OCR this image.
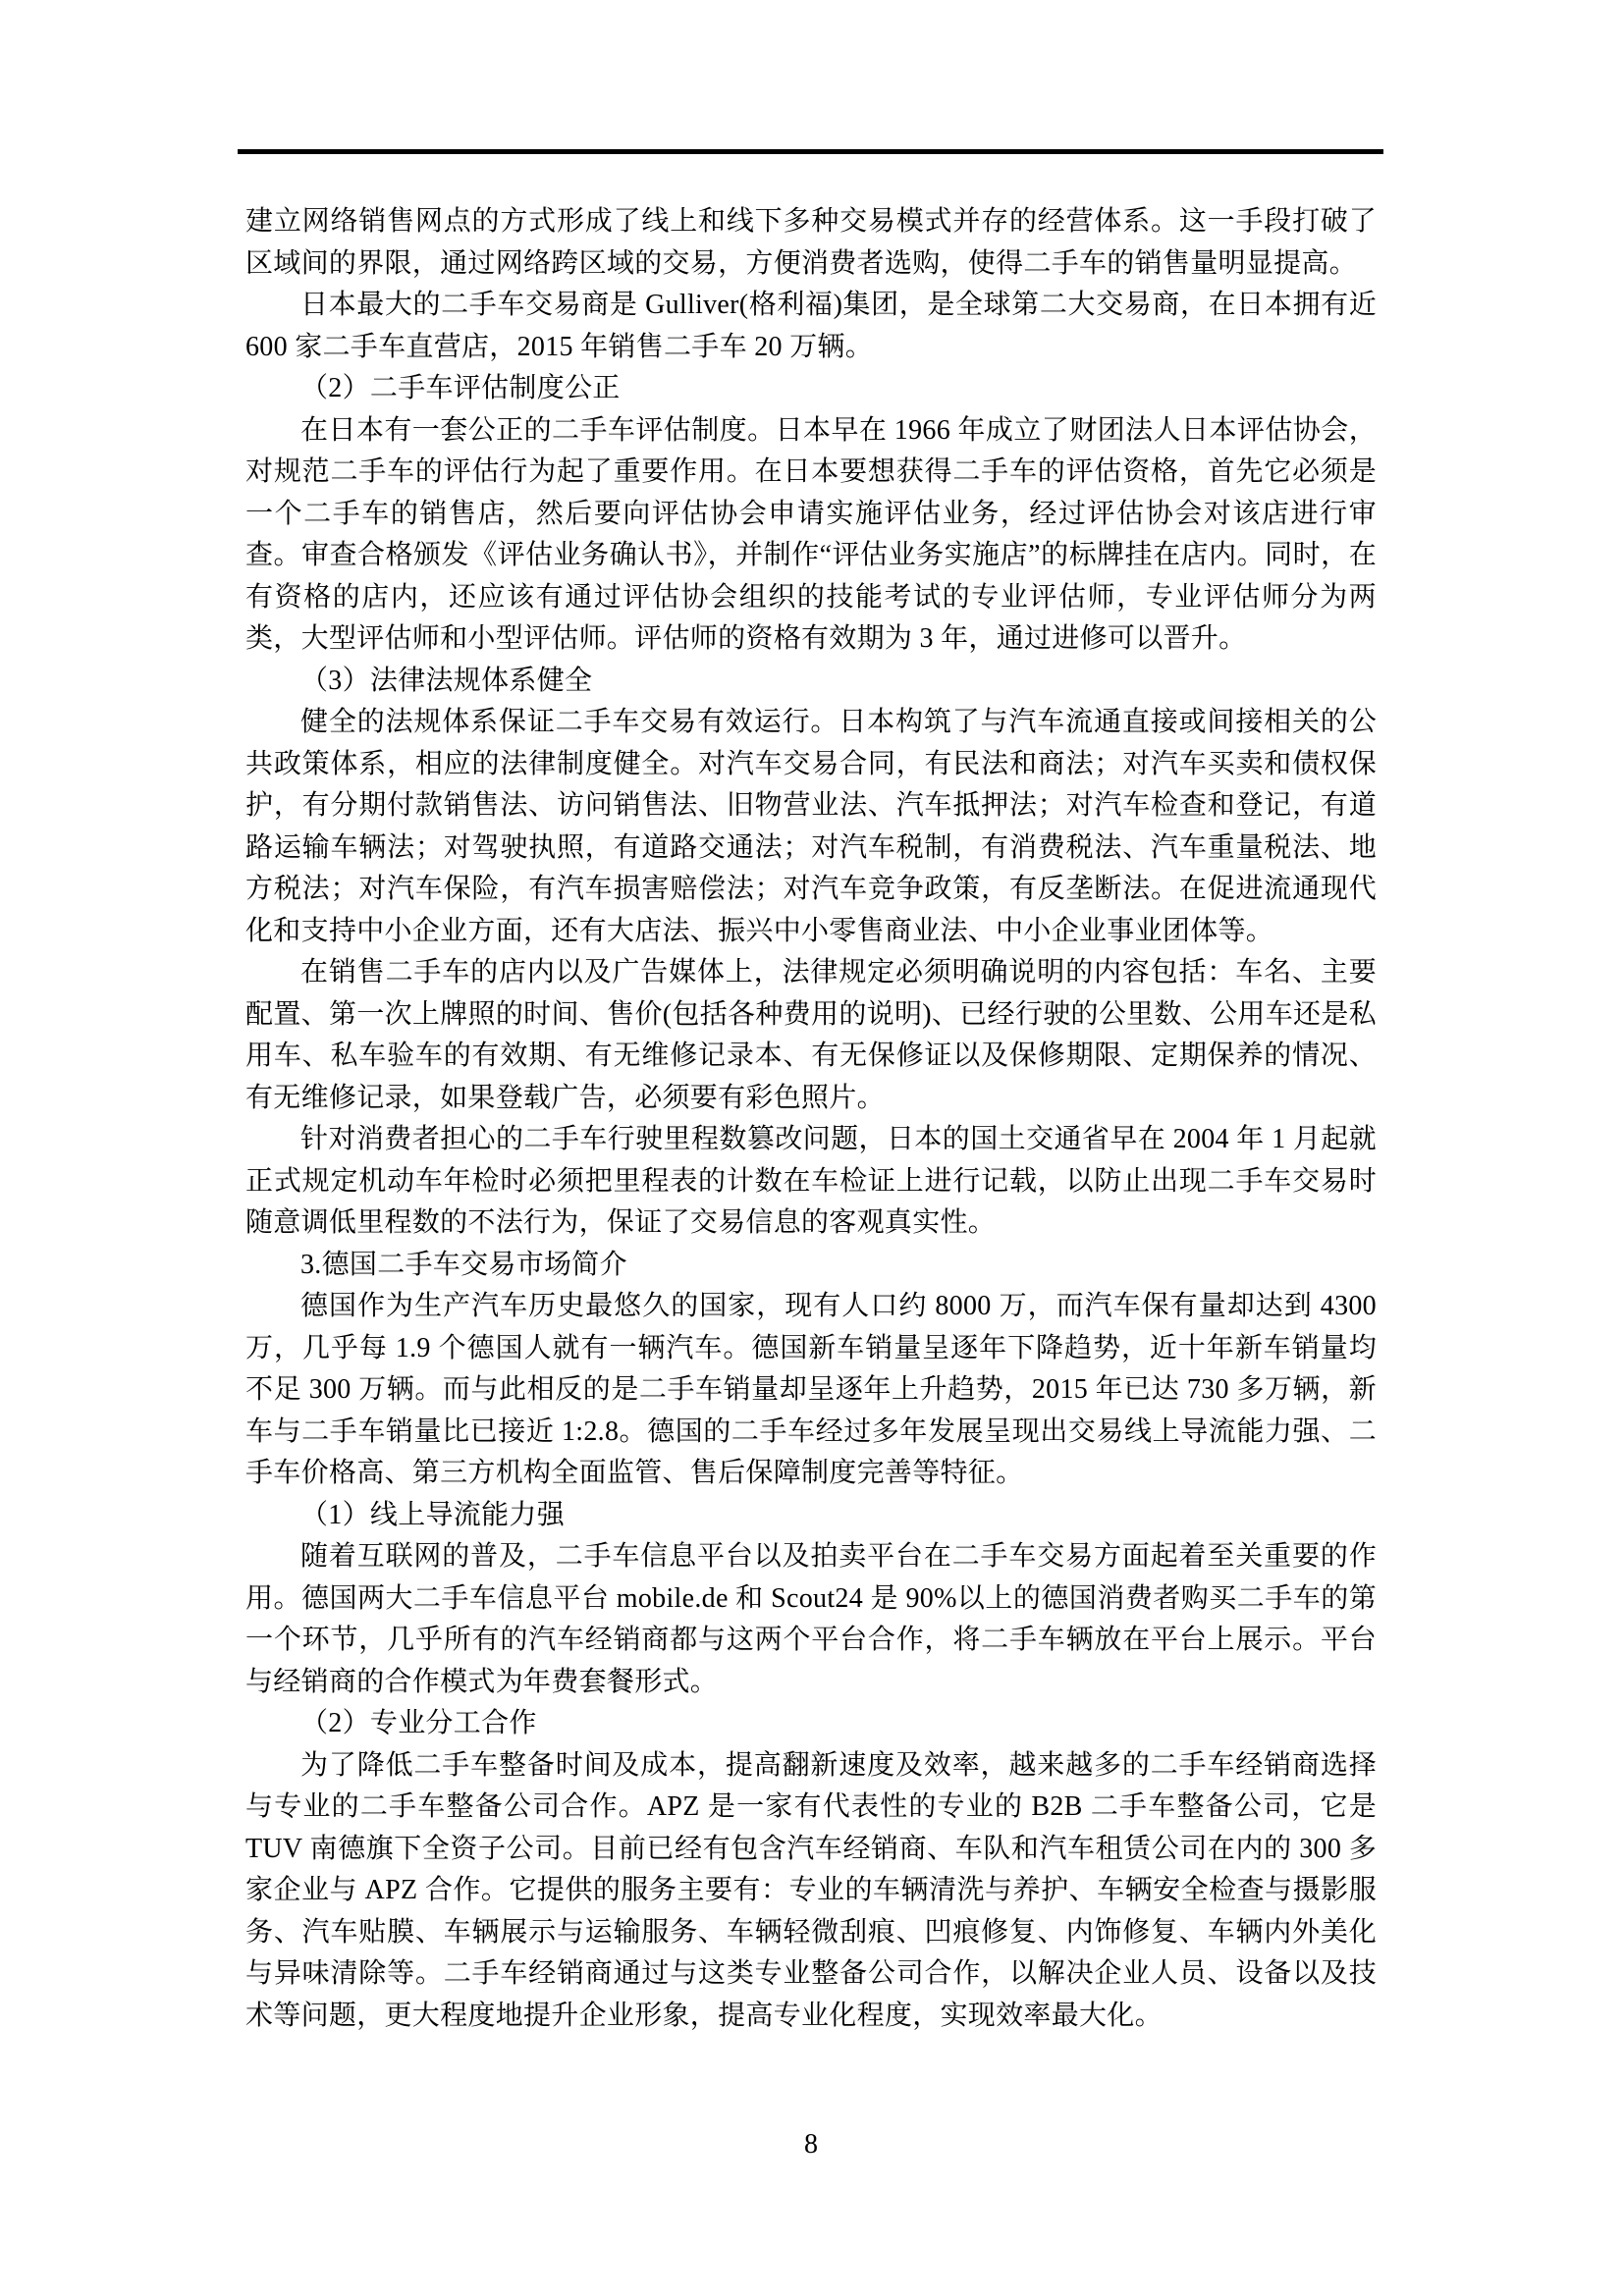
建立网络销售网点的方式形成了线上和线下多种交易模式并存的经营体系。这一手段打破了区域间的界限，通过网络跨区域的交易，方便消费者选购，使得二手车的销售量明显提高。

日本最大的二手车交易商是 Gulliver(格利福)集团，是全球第二大交易商，在日本拥有近 600 家二手车直营店，2015 年销售二手车 20 万辆。

（2）二手车评估制度公正

在日本有一套公正的二手车评估制度。日本早在 1966 年成立了财团法人日本评估协会，对规范二手车的评估行为起了重要作用。在日本要想获得二手车的评估资格，首先它必须是一个二手车的销售店，然后要向评估协会申请实施评估业务，经过评估协会对该店进行审查。审查合格颁发《评估业务确认书》，并制作“评估业务实施店”的标牌挂在店内。同时，在有资格的店内，还应该有通过评估协会组织的技能考试的专业评估师，专业评估师分为两类，大型评估师和小型评估师。评估师的资格有效期为 3 年，通过进修可以晋升。

（3）法律法规体系健全

健全的法规体系保证二手车交易有效运行。日本构筑了与汽车流通直接或间接相关的公共政策体系，相应的法律制度健全。对汽车交易合同，有民法和商法；对汽车买卖和债权保护，有分期付款销售法、访问销售法、旧物营业法、汽车抵押法；对汽车检查和登记，有道路运输车辆法；对驾驶执照，有道路交通法；对汽车税制，有消费税法、汽车重量税法、地方税法；对汽车保险，有汽车损害赔偿法；对汽车竞争政策，有反垄断法。在促进流通现代化和支持中小企业方面，还有大店法、振兴中小零售商业法、中小企业事业团体等。

在销售二手车的店内以及广告媒体上，法律规定必须明确说明的内容包括：车名、主要配置、第一次上牌照的时间、售价(包括各种费用的说明)、已经行驶的公里数、公用车还是私用车、私车验车的有效期、有无维修记录本、有无保修证以及保修期限、定期保养的情况、有无维修记录，如果登载广告，必须要有彩色照片。

针对消费者担心的二手车行驶里程数篡改问题，日本的国土交通省早在 2004 年 1 月起就正式规定机动车年检时必须把里程表的计数在车检证上进行记载，以防止出现二手车交易时随意调低里程数的不法行为，保证了交易信息的客观真实性。

3.德国二手车交易市场简介

德国作为生产汽车历史最悠久的国家，现有人口约 8000 万，而汽车保有量却达到 4300 万，几乎每 1.9 个德国人就有一辆汽车。德国新车销量呈逐年下降趋势，近十年新车销量均不足 300 万辆。而与此相反的是二手车销量却呈逐年上升趋势，2015 年已达 730 多万辆，新车与二手车销量比已接近 1:2.8。德国的二手车经过多年发展呈现出交易线上导流能力强、二手车价格高、第三方机构全面监管、售后保障制度完善等特征。

（1）线上导流能力强

随着互联网的普及，二手车信息平台以及拍卖平台在二手车交易方面起着至关重要的作用。德国两大二手车信息平台 mobile.de 和 Scout24 是 90%以上的德国消费者购买二手车的第一个环节，几乎所有的汽车经销商都与这两个平台合作，将二手车辆放在平台上展示。平台与经销商的合作模式为年费套餐形式。

（2）专业分工合作

为了降低二手车整备时间及成本，提高翻新速度及效率，越来越多的二手车经销商选择与专业的二手车整备公司合作。APZ 是一家有代表性的专业的 B2B 二手车整备公司，它是 TUV 南德旗下全资子公司。目前已经有包含汽车经销商、车队和汽车租赁公司在内的 300 多家企业与 APZ 合作。它提供的服务主要有：专业的车辆清洗与养护、车辆安全检查与摄影服务、汽车贴膜、车辆展示与运输服务、车辆轻微刮痕、凹痕修复、内饰修复、车辆内外美化与异味清除等。二手车经销商通过与这类专业整备公司合作，以解决企业人员、设备以及技术等问题，更大程度地提升企业形象，提高专业化程度，实现效率最大化。

8
